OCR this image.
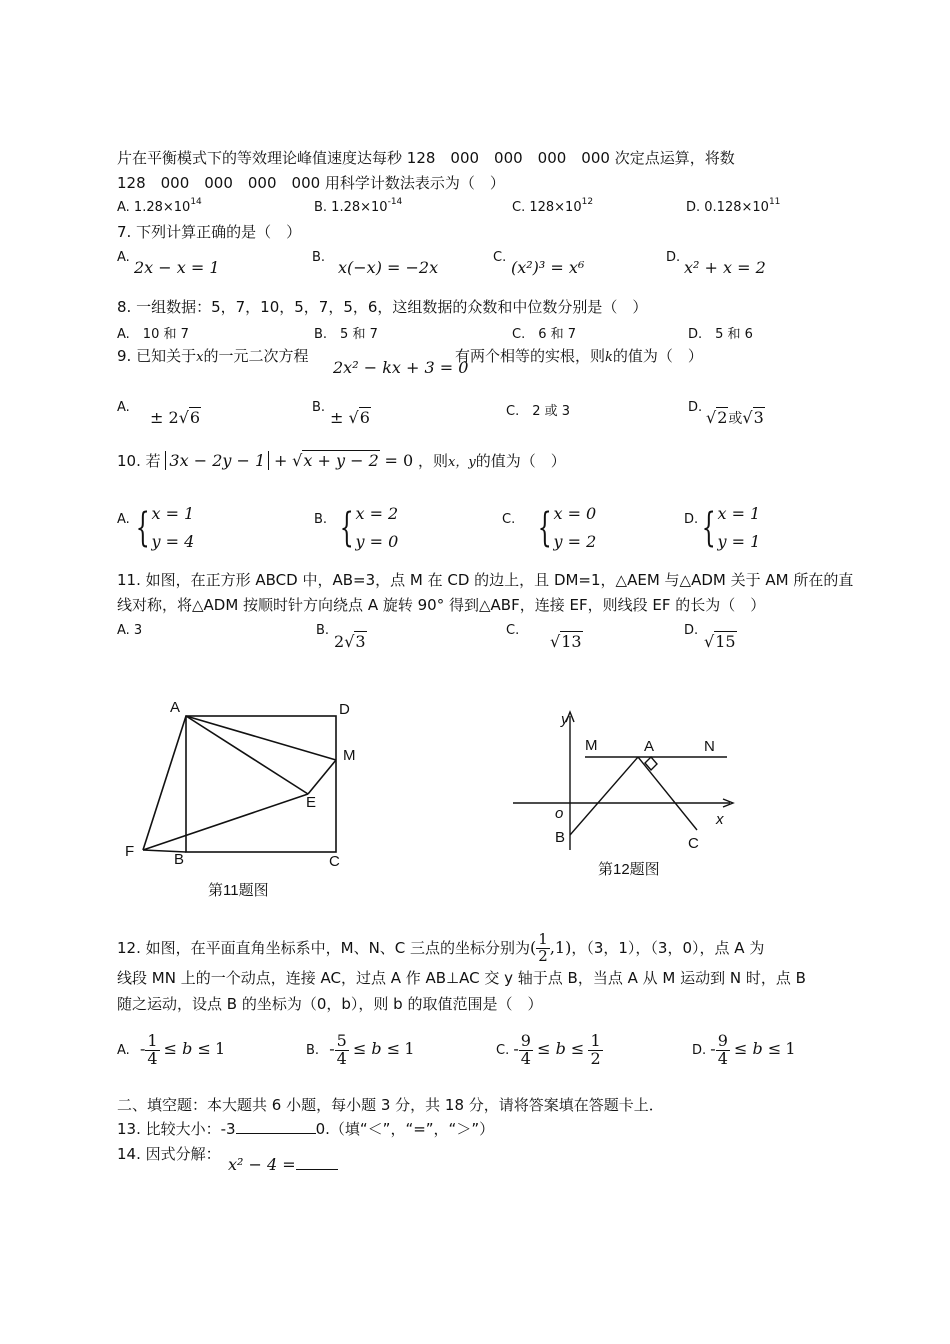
片在平衡模式下的等效理论峰值速度达每秒 128　000　000　000　000 次定点运算，将数
128　000　000　000　000 用科学计数法表示为（　）
A. $1.28\times 10^{14}$	B. $1.28\times 10^{-14}$	C. $128\times 10^{12}$	D. $0.128\times 10^{11}$
7. 下列计算正确的是（　）
A.
2x − x = 1
B.
x(−x) = −2x
C.
(x²)³ = x⁶
D.
x² + x = 2
8. 一组数据：5，7，10，5，7，5，6，这组数据的众数和中位数分别是（　）
A.　10 和 7	B.　5 和 7	C.　6 和 7	D.　5 和 6
9. 已知关于x的一元二次方程
2x² − kx + 3 = 0
有两个相等的实根，则k的值为（　）
A.
± 2√6
B.
± √6	C.　2 或 3	D.
√2或√3
10. 若 3x − 2y − 1 + √x + y − 2 = 0 ，则x，y的值为（　）
A. { x = 1
y = 4
B. { x = 2
y = 0
C. { x = 0
y = 2
D. { x = 1
y = 1
11. 如图，在正方形 ABCD 中，AB=3，点 M 在 CD 的边上，且 DM=1，△AEM 与△ADM 关于 AM 所在的直
线对称，将△ADM 按顺时针方向绕点 A 旋转 90° 得到△ABF，连接 EF，则线段 EF 的长为（　）
A. 3	B.
2√3
C.
√13
D.
√15
A	D
M
E
F	B	C
第11题图
y
x
o
M	A	N
B	C
第12题图
12. 如图，在平面直角坐标系中，M、N、C 三点的坐标分别为( $\frac{1}{2} ,1$)，（3，1），（3，0），点 A 为
线段 MN 上的一个动点，连接 AC，过点 A 作 AB⊥AC 交 y 轴于点 B，当点 A 从 M 运动到 N 时，点 B
随之运动，设点 B 的坐标为（0，b），则 b 的取值范围是（　）
A. - $\frac{1}{4} \le b \le 1$	B. - $\frac{5}{4} \le b \le 1$	C. - $\frac{9}{4} \le b \le \frac{1}{2}$	D. - $\frac{9}{4} \le b \le 1$
二、填空题：本大题共 6 小题，每小题 3 分，共 18 分，请将答案填在答题卡上．
13. 比较大小：-3	0.（填“＜”，“=”，“＞”）
14. 因式分解：
x² − 4 =
